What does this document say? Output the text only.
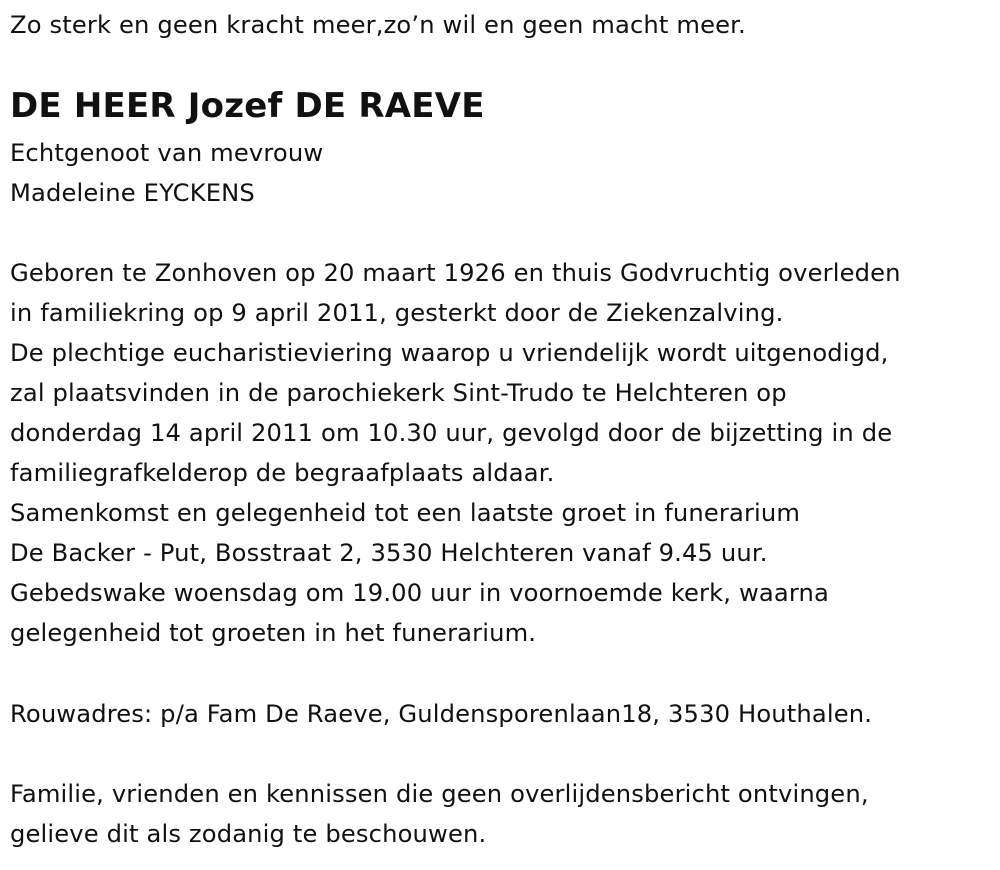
Zo sterk en geen kracht meer,zo’n wil en geen macht meer.
DE HEER Jozef DE RAEVE
Echtgenoot van mevrouw
Madeleine EYCKENS
Geboren te Zonhoven op 20 maart 1926 en thuis Godvruchtig overleden
in familiekring op 9 april 2011, gesterkt door de Ziekenzalving.
De plechtige eucharistieviering waarop u vriendelijk wordt uitgenodigd,
zal plaatsvinden in de parochiekerk Sint-Trudo te Helchteren op
donderdag 14 april 2011 om 10.30 uur, gevolgd door de bijzetting in de
familiegrafkelderop de begraafplaats aldaar.
Samenkomst en gelegenheid tot een laatste groet in funerarium
De Backer - Put, Bosstraat 2, 3530 Helchteren vanaf 9.45 uur.
Gebedswake woensdag om 19.00 uur in voornoemde kerk, waarna
gelegenheid tot groeten in het funerarium.
Rouwadres: p/a Fam De Raeve, Guldensporenlaan18, 3530 Houthalen.
Familie, vrienden en kennissen die geen overlijdensbericht ontvingen,
gelieve dit als zodanig te beschouwen.
